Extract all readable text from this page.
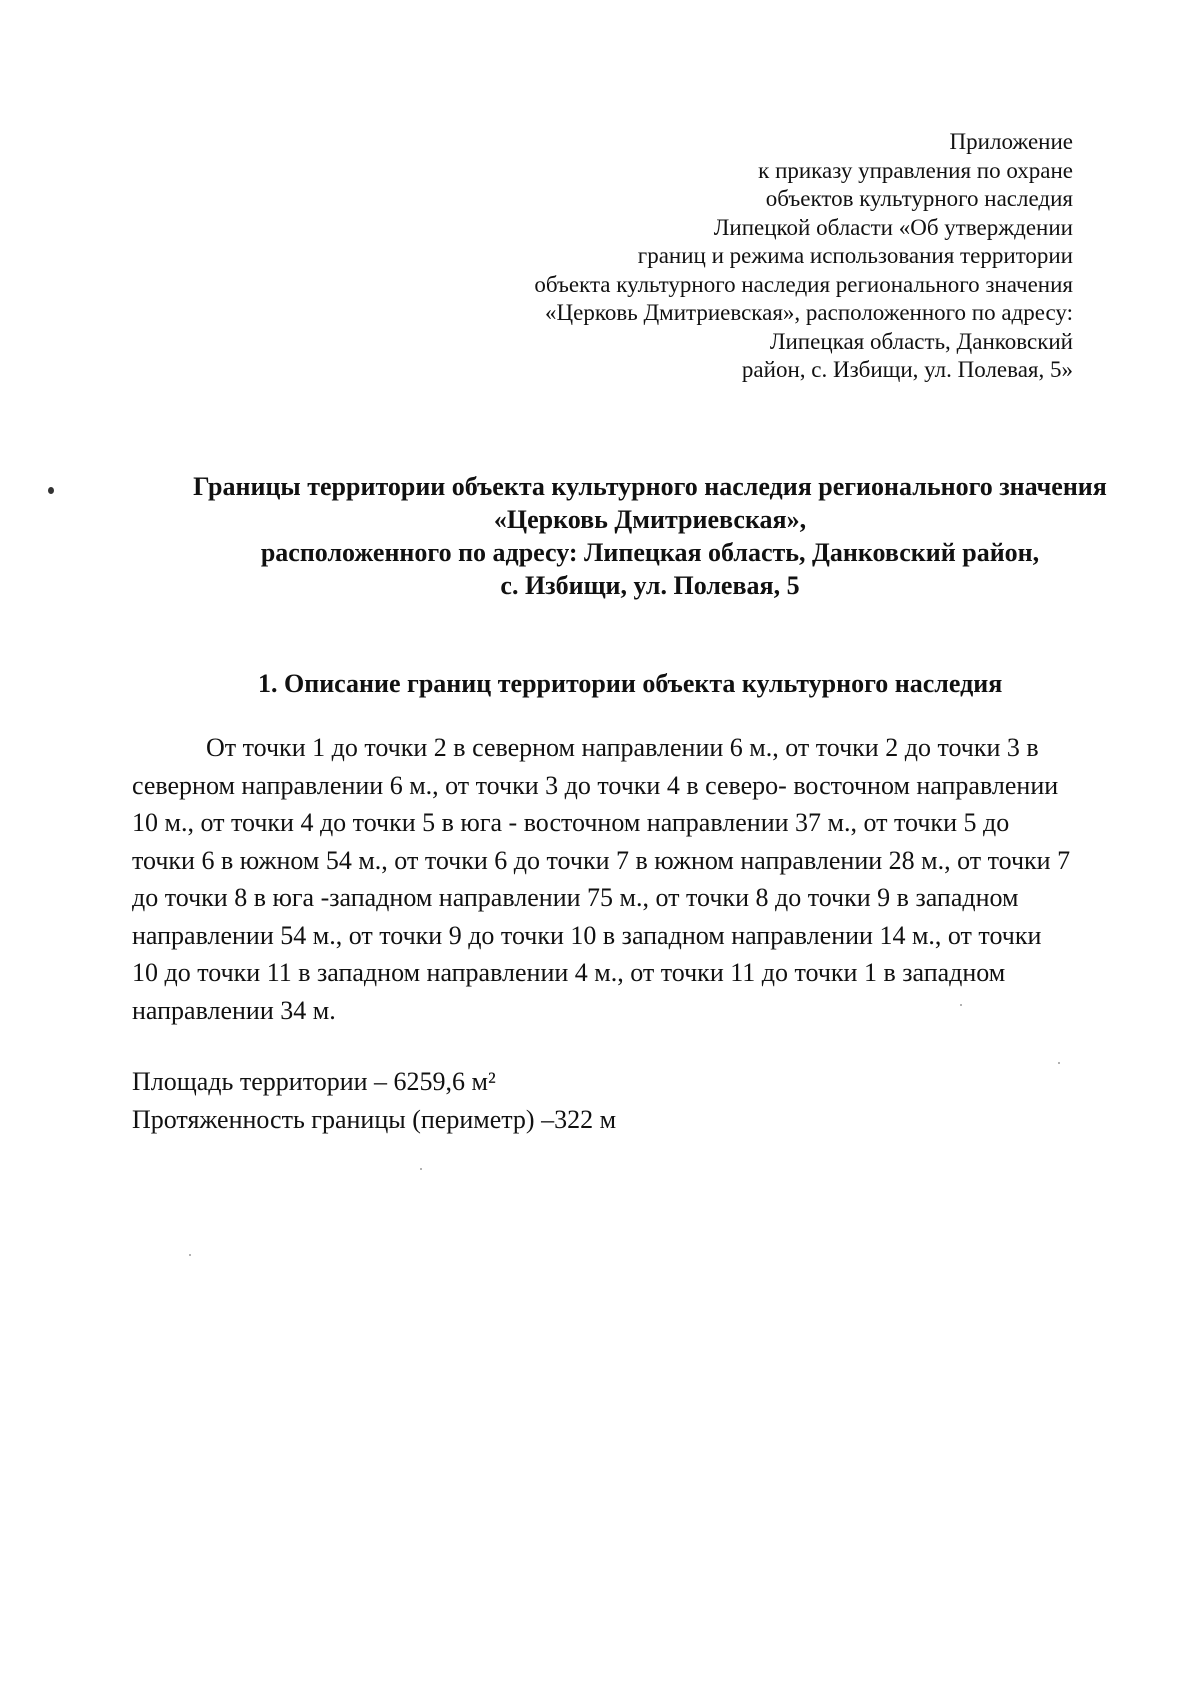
Приложение
к приказу управления по охране
объектов культурного наследия
Липецкой области «Об утверждении
границ и режима использования территории
объекта культурного наследия регионального значения
«Церковь Дмитриевская», расположенного по адресу:
Липецкая область, Данковский
район, с. Избищи, ул. Полевая, 5»
Границы территории объекта культурного наследия регионального значения
«Церковь Дмитриевская»,
расположенного по адресу: Липецкая область, Данковский район,
с. Избищи, ул. Полевая, 5
1. Описание границ территории объекта культурного наследия
От точки 1 до точки 2 в северном направлении 6 м., от точки 2 до точки 3 в
северном направлении 6 м., от точки 3 до точки 4 в северо- восточном направлении
10 м., от точки 4 до точки 5 в юга - восточном направлении 37 м., от точки 5 до
точки 6 в южном 54 м., от точки 6 до точки 7 в южном направлении 28 м., от точки 7
до точки 8 в юга -западном направлении 75 м., от точки 8 до точки 9 в западном
направлении 54 м., от точки 9 до точки 10 в западном направлении 14 м., от точки
10 до точки 11 в западном направлении 4 м., от точки 11 до точки 1 в западном
направлении 34 м.
Площадь территории – 6259,6 м²
Протяженность границы (периметр) –322 м
